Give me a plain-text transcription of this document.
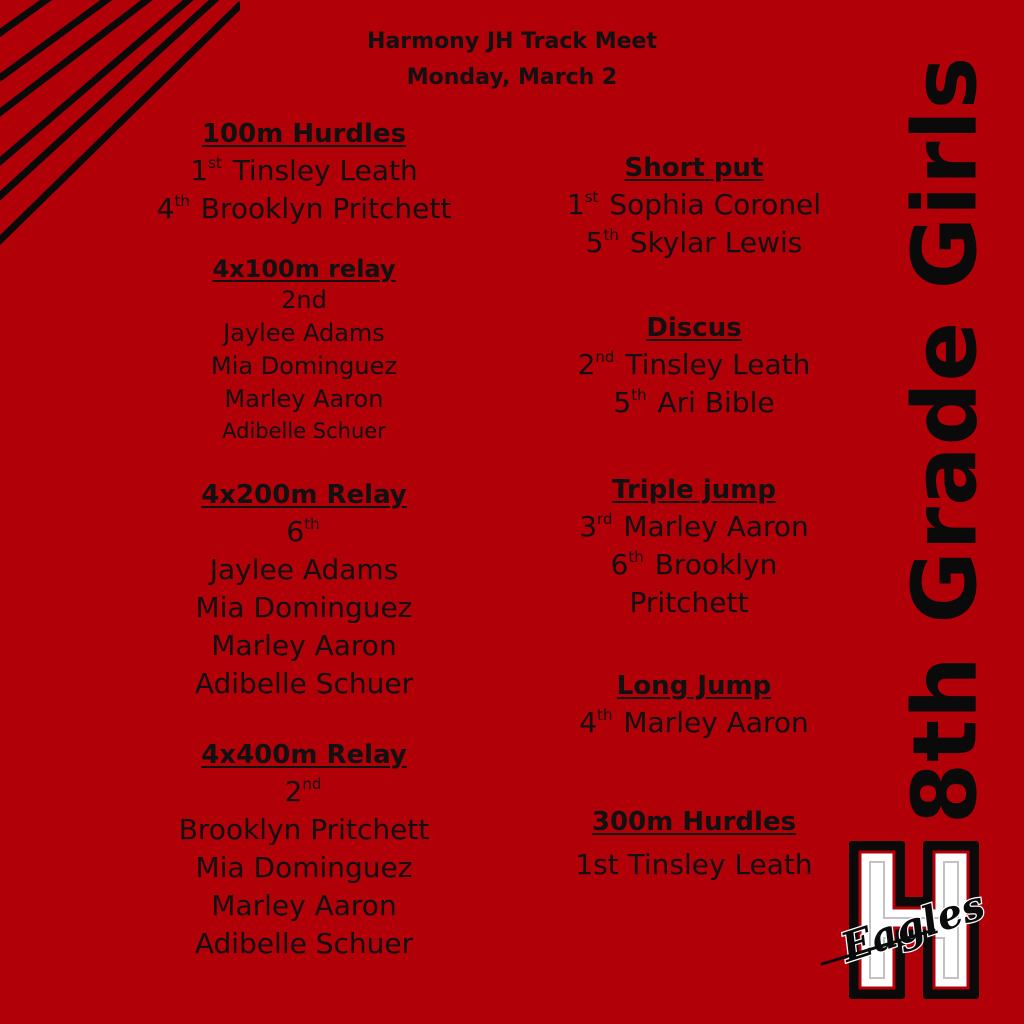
Harmony JH Track Meet
Monday, March 2
100m Hurdles
1st Tinsley Leath
4th Brooklyn Pritchett
4x100m relay
2nd
Jaylee Adams
Mia Dominguez
Marley Aaron
Adibelle Schuer
4x200m Relay
6th
Jaylee Adams
Mia Dominguez
Marley Aaron
Adibelle Schuer
4x400m Relay
2nd
Brooklyn Pritchett
Mia Dominguez
Marley Aaron
Adibelle Schuer
Short put
1st Sophia Coronel
5th Skylar Lewis
Discus
2nd Tinsley Leath
5th Ari Bible
Triple jump
3rd Marley Aaron
6th Brooklyn
Pritchett
Long Jump
4th Marley Aaron
300m Hurdles
1st Tinsley Leath
8th Grade Girls
Eagles
